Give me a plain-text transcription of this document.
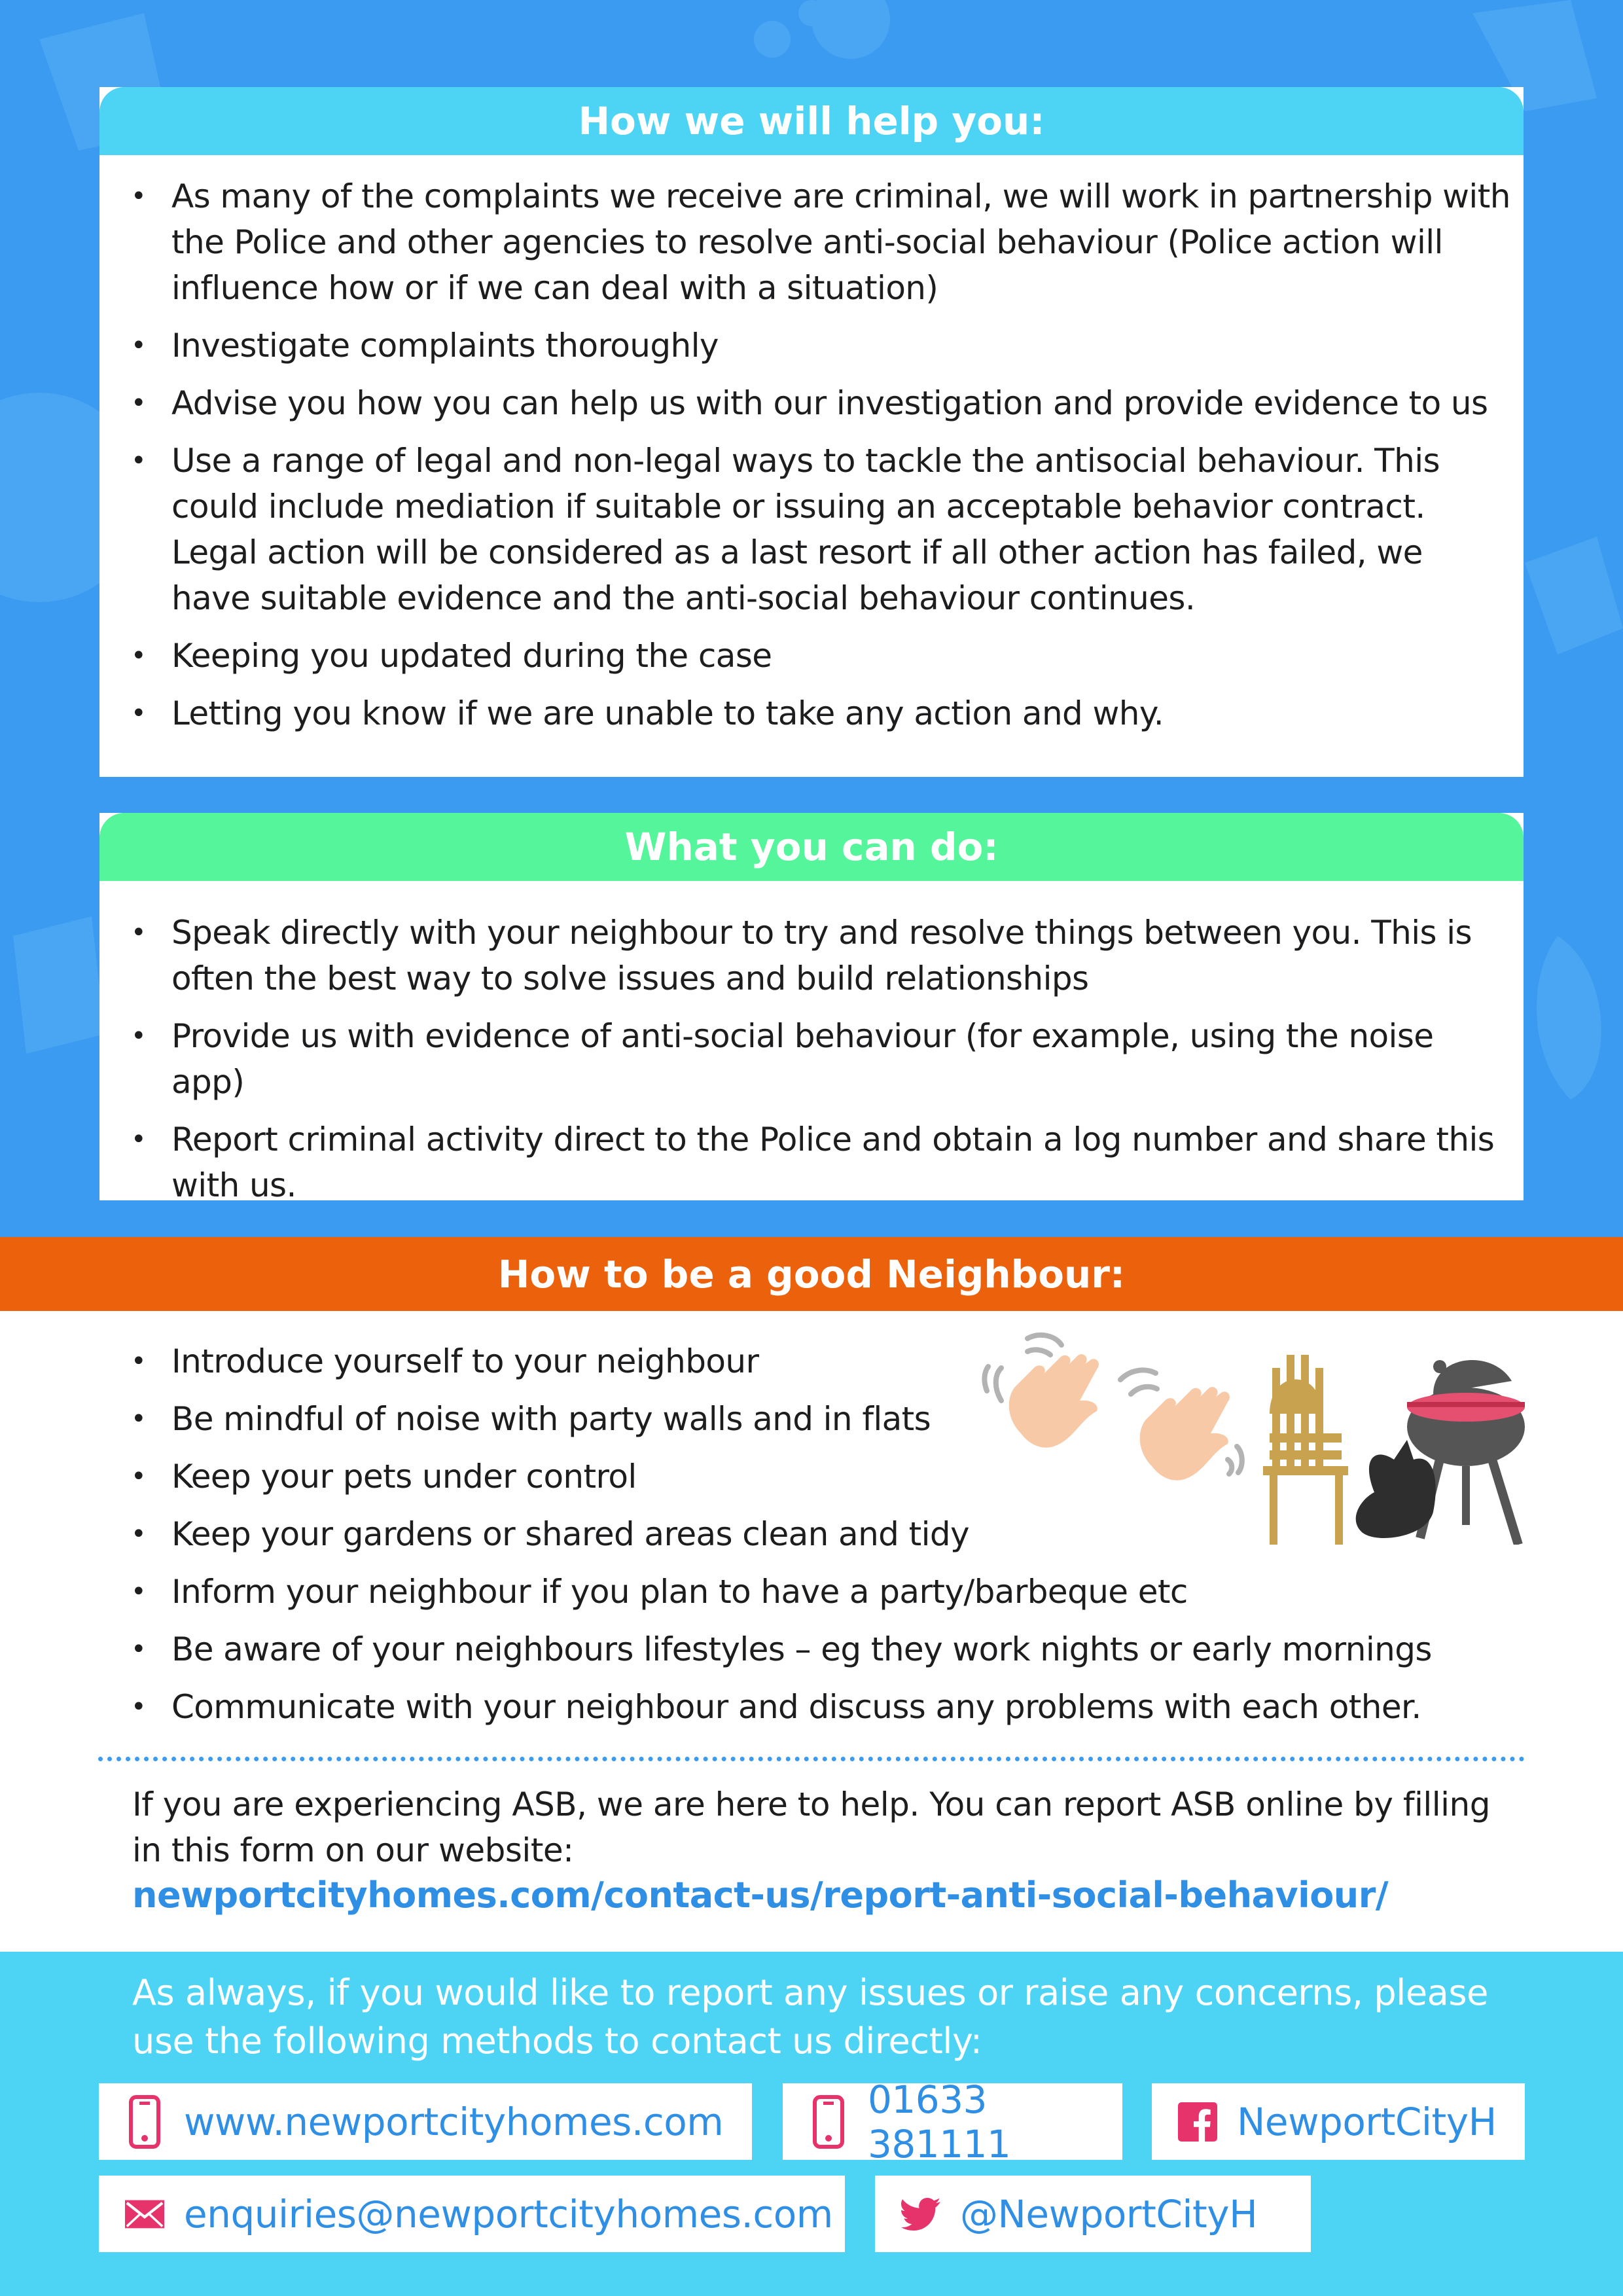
How we will help you:
• As many of the complaints we receive are criminal, we will work in partnership with the Police and other agencies to resolve anti-social behaviour (Police action will influence how or if we can deal with a situation)
• Investigate complaints thoroughly
• Advise you how you can help us with our investigation and provide evidence to us
• Use a range of legal and non-legal ways to tackle the antisocial behaviour. This could include mediation if suitable or issuing an acceptable behavior contract. Legal action will be considered as a last resort if all other action has failed, we have suitable evidence and the anti-social behaviour continues.
• Keeping you updated during the case
• Letting you know if we are unable to take any action and why.
What you can do:
• Speak directly with your neighbour to try and resolve things between you. This is often the best way to solve issues and build relationships
• Provide us with evidence of anti-social behaviour (for example, using the noise app)
• Report criminal activity direct to the Police and obtain a log number and share this with us.
How to be a good Neighbour:
• Introduce yourself to your neighbour
• Be mindful of noise with party walls and in flats
• Keep your pets under control
• Keep your gardens or shared areas clean and tidy
• Inform your neighbour if you plan to have a party/barbeque etc
• Be aware of your neighbours lifestyles – eg they work nights or early mornings
• Communicate with your neighbour and discuss any problems with each other.
If you are experiencing ASB, we are here to help. You can report ASB online by filling in this form on our website:
newportcityhomes.com/contact-us/report-anti-social-behaviour/
As always, if you would like to report any issues or raise any concerns, please use the following methods to contact us directly:
www.newportcityhomes.com	01633 381111	NewportCityH
enquiries@newportcityhomes.com	@NewportCityH
